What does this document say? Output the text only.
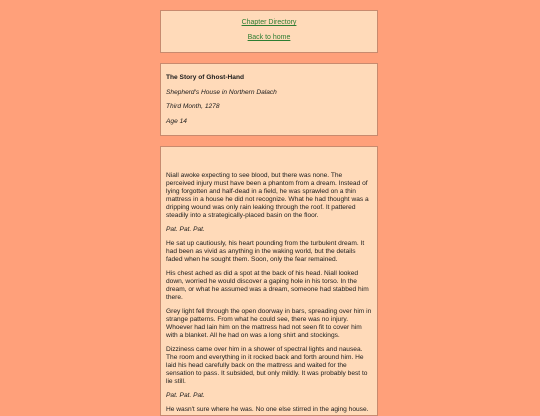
Chapter Directory
Back to home

The Story of Ghost-Hand

Shepherd's House in Northern Dalach

Third Month, 1278

Age 14

Niall awoke expecting to see blood, but there was none. The perceived injury must have been a phantom from a dream. Instead of lying forgotten and half-dead in a field, he was sprawled on a thin mattress in a house he did not recognize. What he had thought was a dripping wound was only rain leaking through the roof. It pattered steadily into a strategically-placed basin on the floor.

Pat. Pat. Pat.

He sat up cautiously, his heart pounding from the turbulent dream. It had been as vivid as anything in the waking world, but the details faded when he sought them. Soon, only the fear remained.

His chest ached as did a spot at the back of his head. Niall looked down, worried he would discover a gaping hole in his torso. In the dream, or what he assumed was a dream, someone had stabbed him there.

Grey light fell through the open doorway in bars, spreading over him in strange patterns. From what he could see, there was no injury. Whoever had lain him on the mattress had not seen fit to cover him with a blanket. All he had on was a long shirt and stockings.

Dizziness came over him in a shower of spectral lights and nausea. The room and everything in it rocked back and forth around him. He laid his head carefully back on the mattress and waited for the sensation to pass. It subsided, but only mildly. It was probably best to lie still.

Pat. Pat. Pat.

He wasn't sure where he was. No one else stirred in the aging house.
